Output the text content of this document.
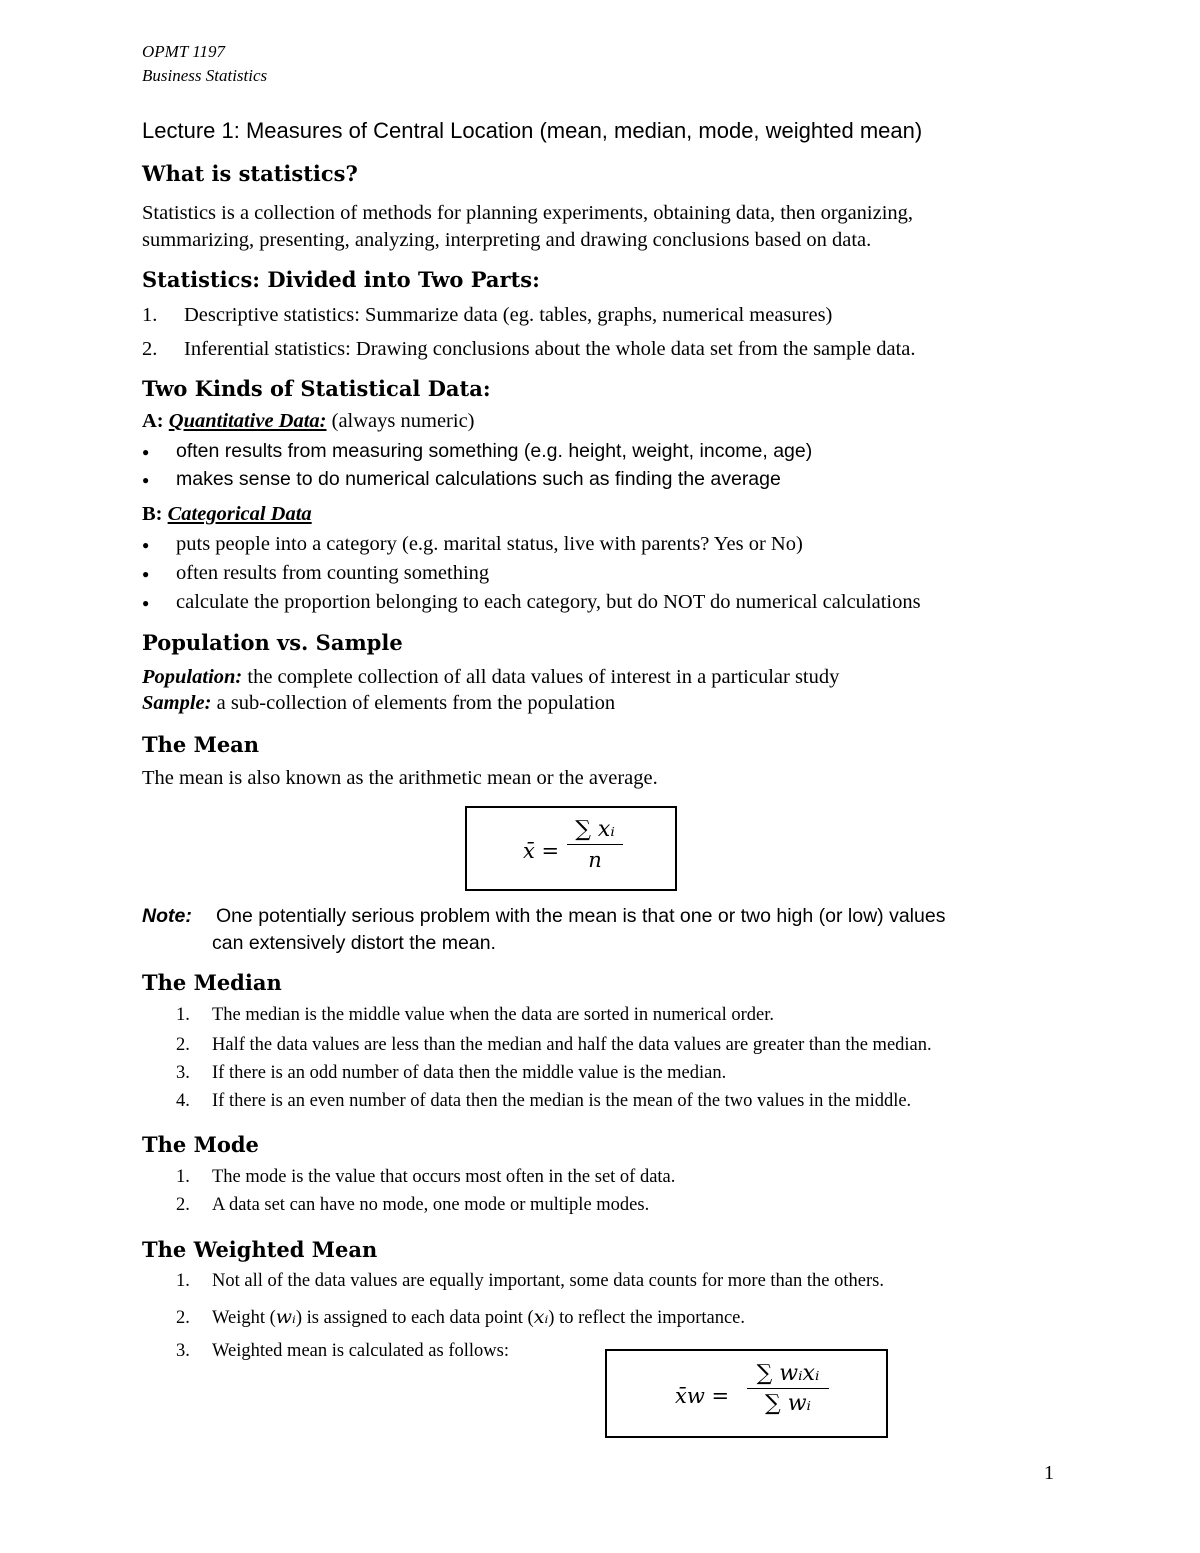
OPMT 1197
Business Statistics
Lecture 1: Measures of Central Location (mean, median, mode, weighted mean)
What is statistics?
Statistics is a collection of methods for planning experiments, obtaining data, then organizing,
summarizing, presenting, analyzing, interpreting and drawing conclusions based on data.
Statistics: Divided into Two Parts:
1. Descriptive statistics: Summarize data (eg. tables, graphs, numerical measures)
2. Inferential statistics: Drawing conclusions about the whole data set from the sample data.
Two Kinds of Statistical Data:
A: Quantitative Data: (always numeric)
● often results from measuring something (e.g. height, weight, income, age)
● makes sense to do numerical calculations such as finding the average
B: Categorical Data
● puts people into a category (e.g. marital status, live with parents? Yes or No)
● often results from counting something
● calculate the proportion belonging to each category, but do NOT do numerical calculations
Population vs. Sample
Population: the complete collection of all data values of interest in a particular study
Sample: a sub-collection of elements from the population
The Mean
The mean is also known as the arithmetic mean or the average.
x̄ =
∑ xᵢ
n
Note: One potentially serious problem with the mean is that one or two high (or low) values
can extensively distort the mean.
The Median
1. The median is the middle value when the data are sorted in numerical order.
2. Half the data values are less than the median and half the data values are greater than the median.
3. If there is an odd number of data then the middle value is the median.
4. If there is an even number of data then the median is the mean of the two values in the middle.
The Mode
1. The mode is the value that occurs most often in the set of data.
2. A data set can have no mode, one mode or multiple modes.
The Weighted Mean
1. Not all of the data values are equally important, some data counts for more than the others.
2. Weight (wᵢ) is assigned to each data point (xᵢ) to reflect the importance.
3. Weighted mean is calculated as follows:
x̄w =
∑ wᵢxᵢ
∑ wᵢ
1
